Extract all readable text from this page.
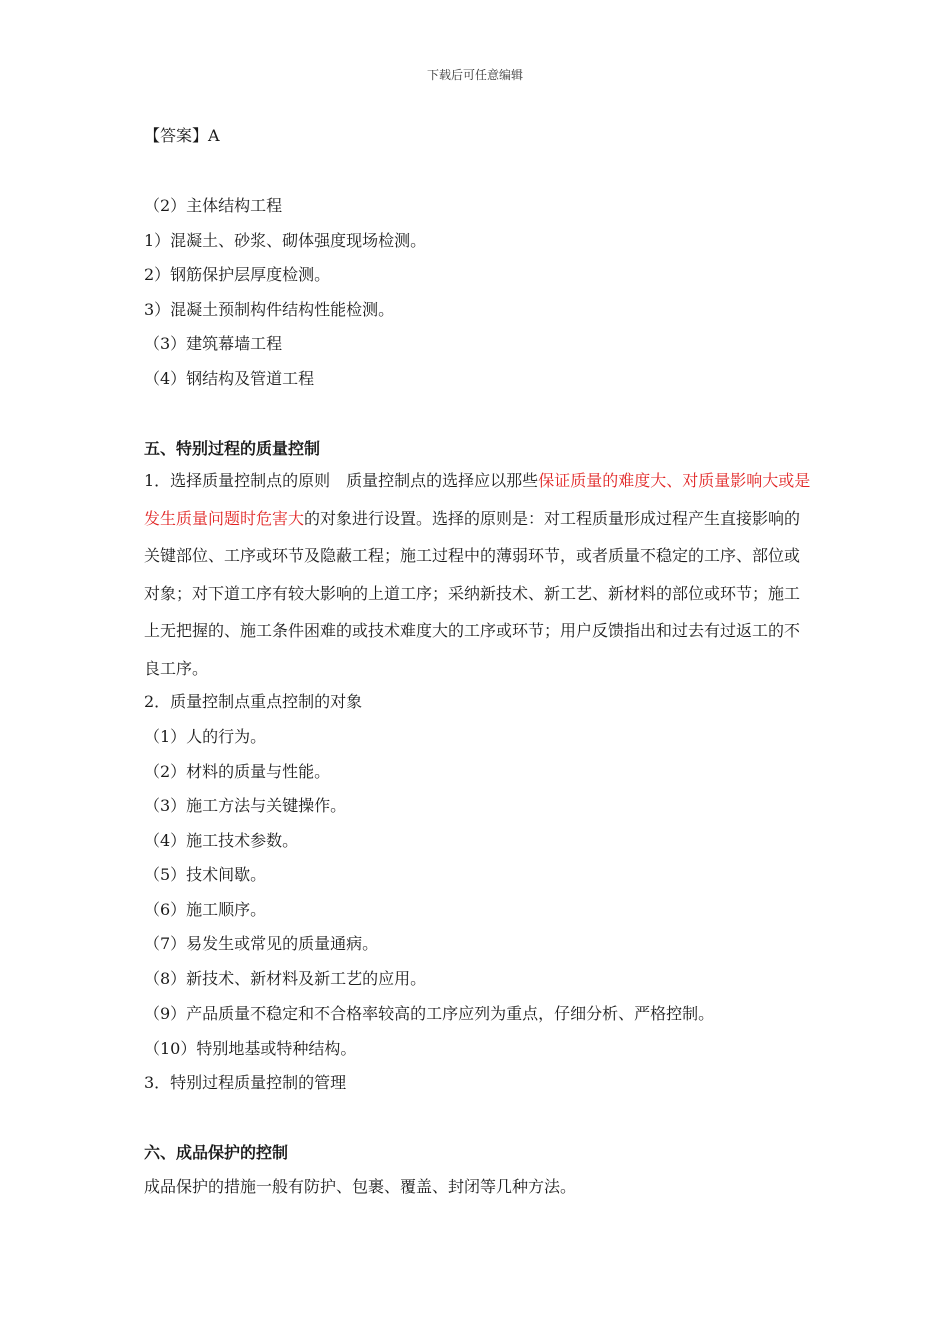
下载后可任意编辑
【答案】A
（2）主体结构工程
1）混凝土、砂浆、砌体强度现场检测。
2）钢筋保护层厚度检测。
3）混凝土预制构件结构性能检测。
（3）建筑幕墙工程
（4）钢结构及管道工程
五、特别过程的质量控制

1．选择质量控制点的原则　质量控制点的选择应以那些保证质量的难度大、对质量影响大或是发生质量问题时危害大的对象进行设置。选择的原则是：对工程质量形成过程产生直接影响的关键部位、工序或环节及隐蔽工程；施工过程中的薄弱环节，或者质量不稳定的工序、部位或对象；对下道工序有较大影响的上道工序；采纳新技术、新工艺、新材料的部位或环节；施工上无把握的、施工条件困难的或技术难度大的工序或环节；用户反馈指出和过去有过返工的不良工序。

2．质量控制点重点控制的对象
（1）人的行为。
（2）材料的质量与性能。
（3）施工方法与关键操作。
（4）施工技术参数。
（5）技术间歇。
（6）施工顺序。
（7）易发生或常见的质量通病。
（8）新技术、新材料及新工艺的应用。
（9）产品质量不稳定和不合格率较高的工序应列为重点，仔细分析、严格控制。
（10）特别地基或特种结构。
3．特别过程质量控制的管理
六、成品保护的控制
成品保护的措施一般有防护、包裹、覆盖、封闭等几种方法。
